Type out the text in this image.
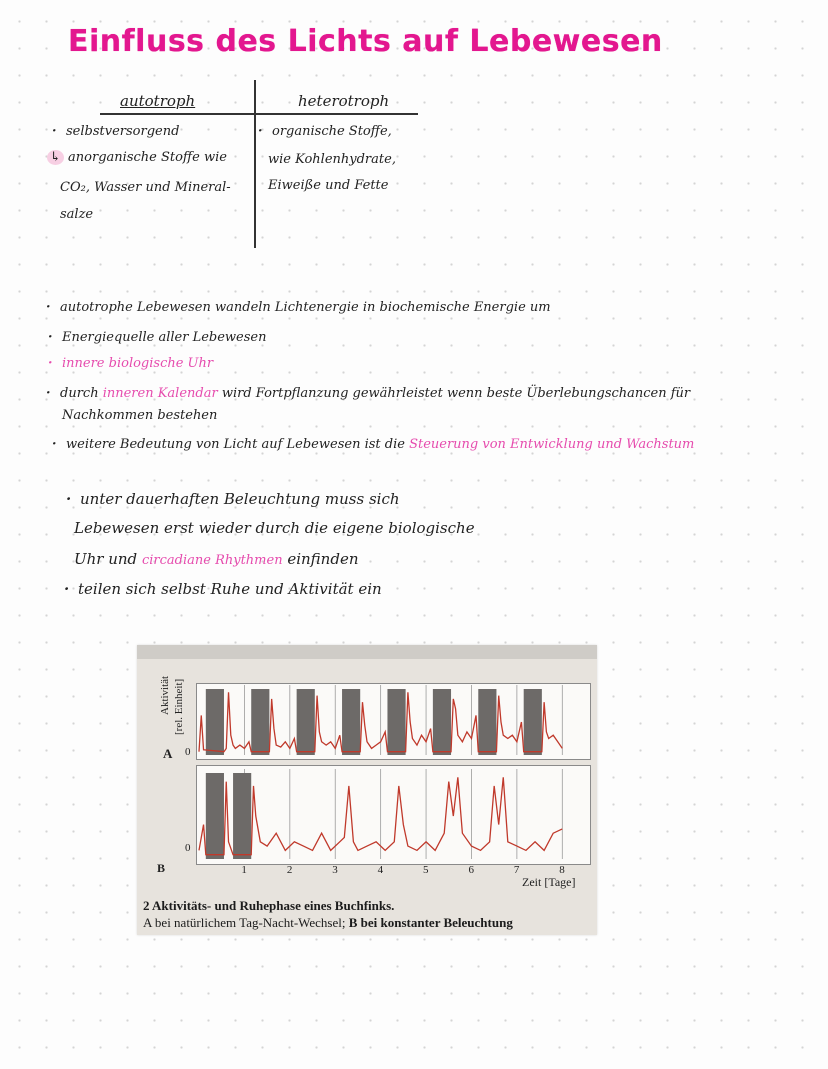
Einfluss des Lichts auf Lebewesen
autotroph	heterotroph
· selbstversorgend
↳ anorganische Stoffe wie
CO₂, Wasser und Mineral-
salze
· organische Stoffe,
wie Kohlenhydrate,
Eiweiße und Fette
· autotrophe Lebewesen wandeln Lichtenergie in biochemische Energie um
· Energiequelle aller Lebewesen
· innere biologische Uhr
· durch inneren Kalendar wird Fortpflanzung gewährleistet wenn beste Überlebungschancen für
Nachkommen bestehen
· weitere Bedeutung von Licht auf Lebewesen ist die Steuerung von Entwicklung und Wachstum
· unter dauerhaften Beleuchtung muss sich
Lebewesen erst wieder durch die eigene biologische
Uhr und circadiane Rhythmen einfinden
· teilen sich selbst Ruhe und Aktivität ein
1	2	3	4	5	6	7	8
Aktivität [rel. Einheit]
A 0
0
B
Zeit [Tage]
2 Aktivitäts- und Ruhephase eines Buchfinks.
A bei natürlichem Tag-Nacht-Wechsel; B bei konstanter Beleuchtung
